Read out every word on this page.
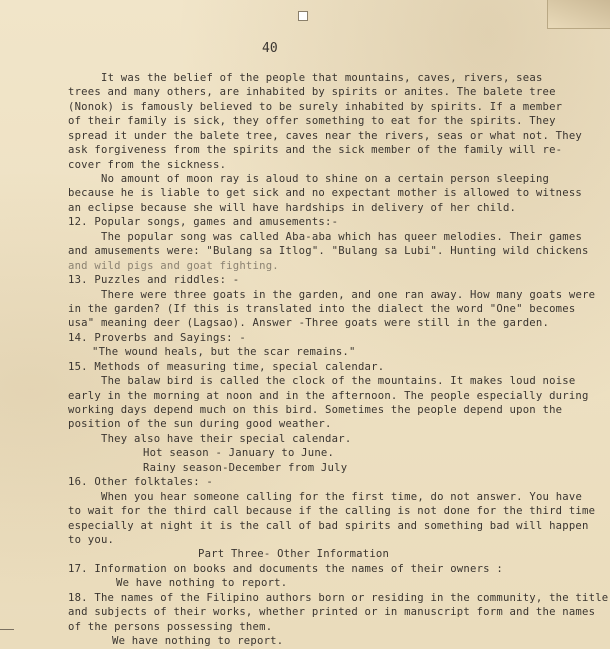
40
It was the belief of the people that mountains, caves, rivers, seas
trees and many others, are inhabited by spirits or anites. The balete tree
(Nonok) is famously believed to be surely inhabited by spirits. If a member
of their family is sick, they offer something to eat for the spirits. They
spread it under the balete tree, caves near the rivers, seas or what not. They
ask forgiveness from the spirits and the sick member of the family will re-
cover from the sickness.
No amount of moon ray is aloud to shine on a certain person sleeping
because he is liable to get sick and no expectant mother is allowed to witness
an eclipse because she will have hardships in delivery of her child.
12. Popular songs, games and amusements:-
The popular song was called Aba-aba which has queer melodies. Their games
and amusements were: "Bulang sa Itlog". "Bulang sa Lubi". Hunting wild chickens
and wild pigs and goat fighting.
13. Puzzles and riddles: -
There were three goats in the garden, and one ran away. How many goats were
in the garden? (If this is translated into the dialect the word "One" becomes
usa" meaning deer (Lagsao). Answer -Three goats were still in the garden.
14. Proverbs and Sayings: -
"The wound heals, but the scar remains."
15. Methods of measuring time, special calendar.
The balaw bird is called the clock of the mountains. It makes loud noise
early in the morning at noon and in the afternoon. The people especially during
working days depend much on this bird. Sometimes the people depend upon the
position of the sun during good weather.
They also have their special calendar.
Hot season - January to June.
Rainy season-December from July
16. Other folktales: -
When you hear someone calling for the first time, do not answer. You have
to wait for the third call because if the calling is not done for the third time
especially at night it is the call of bad spirits and something bad will happen
to you.
Part Three- Other Information
17. Information on books and documents the names of their owners :
We have nothing to report.
18. The names of the Filipino authors born or residing in the community, the title
and subjects of their works, whether printed or in manuscript form and the names
of the persons possessing them.
We have nothing to report.
